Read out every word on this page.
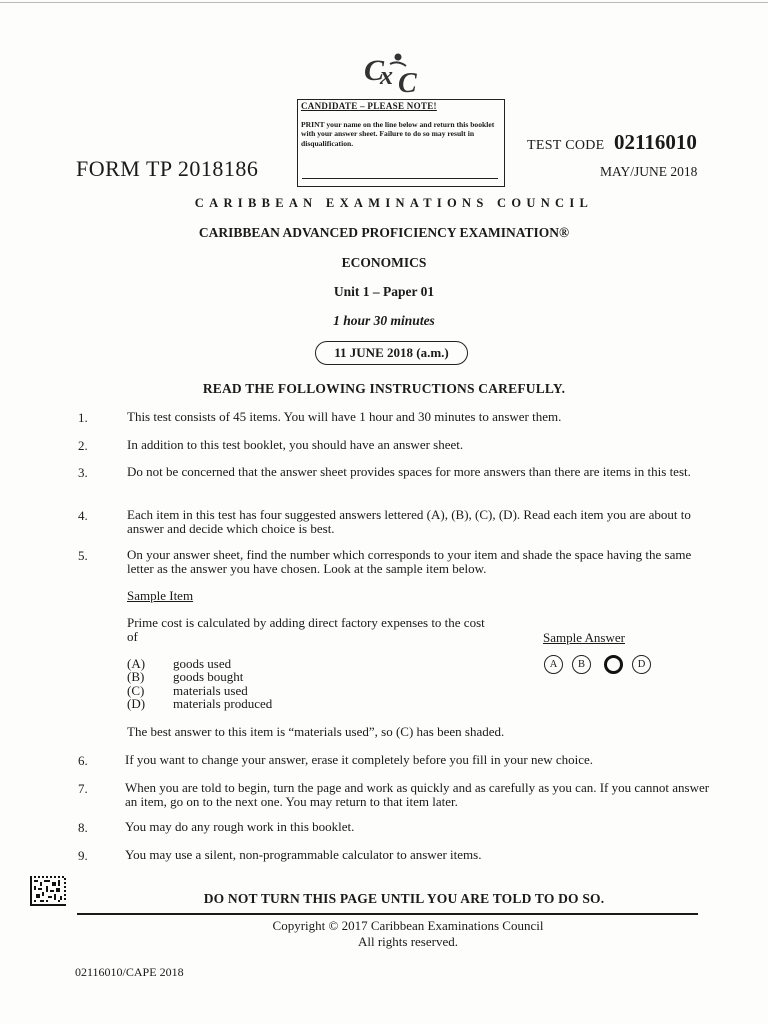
C
x C
CANDIDATE – PLEASE NOTE!
PRINT your name on the line below and return this booklet with your answer sheet. Failure to do so may result in disqualification.
FORM TP 2018186
TEST CODE 02116010
MAY/JUNE 2018
CARIBBEAN EXAMINATIONS COUNCIL
CARIBBEAN ADVANCED PROFICIENCY EXAMINATION®
ECONOMICS
Unit 1 – Paper 01
1 hour 30 minutes
11 JUNE 2018 (a.m.)
READ THE FOLLOWING INSTRUCTIONS CAREFULLY.
1.	This test consists of 45 items. You will have 1 hour and 30 minutes to answer them.
2.	In addition to this test booklet, you should have an answer sheet.
3.	Do not be concerned that the answer sheet provides spaces for more answers than there are items in this test.
4.	Each item in this test has four suggested answers lettered (A), (B), (C), (D). Read each item you are about to answer and decide which choice is best.
5.	On your answer sheet, find the number which corresponds to your item and shade the space having the same letter as the answer you have chosen. Look at the sample item below.
Sample Item
Prime cost is calculated by adding direct factory expenses to the cost of	Sample Answer
(A) goods used
(B) goods bought
(C) materials used
(D) materials produced
A	B	D
The best answer to this item is “materials used”, so (C) has been shaded.
6.	If you want to change your answer, erase it completely before you fill in your new choice.
7.	When you are told to begin, turn the page and work as quickly and as carefully as you can. If you cannot answer an item, go on to the next one. You may return to that item later.
8.	You may do any rough work in this booklet.
9.	You may use a silent, non-programmable calculator to answer items.
DO NOT TURN THIS PAGE UNTIL YOU ARE TOLD TO DO SO.
Copyright © 2017 Caribbean Examinations Council
All rights reserved.
02116010/CAPE 2018
